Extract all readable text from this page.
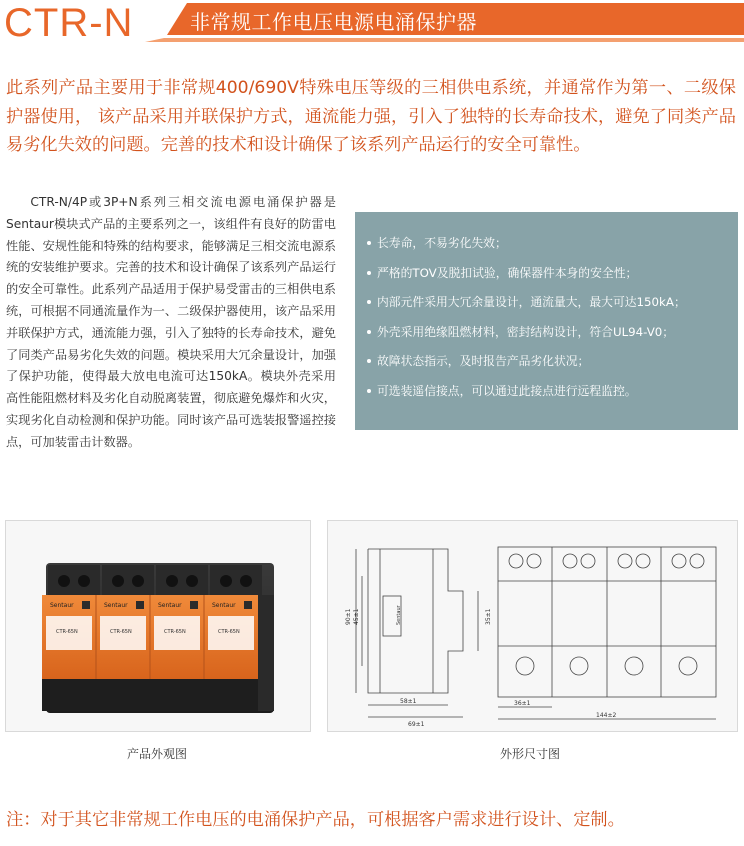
CTR-N	非常规工作电压电源电涌保护器

此系列产品主要用于非常规400/690V特殊电压等级的三相供电系统，并通常作为第一、二级保护器使用， 该产品采用并联保护方式，通流能力强，引入了独特的长寿命技术，避免了同类产品易劣化失效的问题。完善的技术和设计确保了该系列产品运行的安全可靠性。

CTR-N/4P或3P+N系列三相交流电源电涌保护器是Sentaur模块式产品的主要系列之一，该组件有良好的防雷电性能、安规性能和特殊的结构要求，能够满足三相交流电源系统的安装维护要求。完善的技术和设计确保了该系列产品运行的安全可靠性。此系列产品适用于保护易受雷击的三相供电系统，可根据不同通流量作为一、二级保护器使用，该产品采用并联保护方式，通流能力强，引入了独特的长寿命技术，避免了同类产品易劣化失效的问题。模块采用大冗余量设计，加强了保护功能，使得最大放电电流可达150kA。模块外壳采用高性能阻燃材料及劣化自动脱离装置，彻底避免爆炸和火灾，实现劣化自动检测和保护功能。同时该产品可选装报警遥控接点，可加装雷击计数器。

长寿命，不易劣化失效；
严格的TOV及脱扣试验，确保器件本身的安全性；
内部元件采用大冗余量设计，通流量大，最大可达150kA；
外壳采用绝缘阻燃材料，密封结构设计，符合UL94-V0；
故障状态指示，及时报告产品劣化状况；
可选装遥信接点，可以通过此接点进行远程监控。
Sentaur	Sentaur	Sentaur	Sentaur
CTR-65N	CTR-65N	CTR-65N	CTR-65N
Sentaur
90±1 45±1	35±1
58±1
69±1
36±1
144±2
产品外观图	外形尺寸图

注：对于其它非常规工作电压的电涌保护产品，可根据客户需求进行设计、定制。
